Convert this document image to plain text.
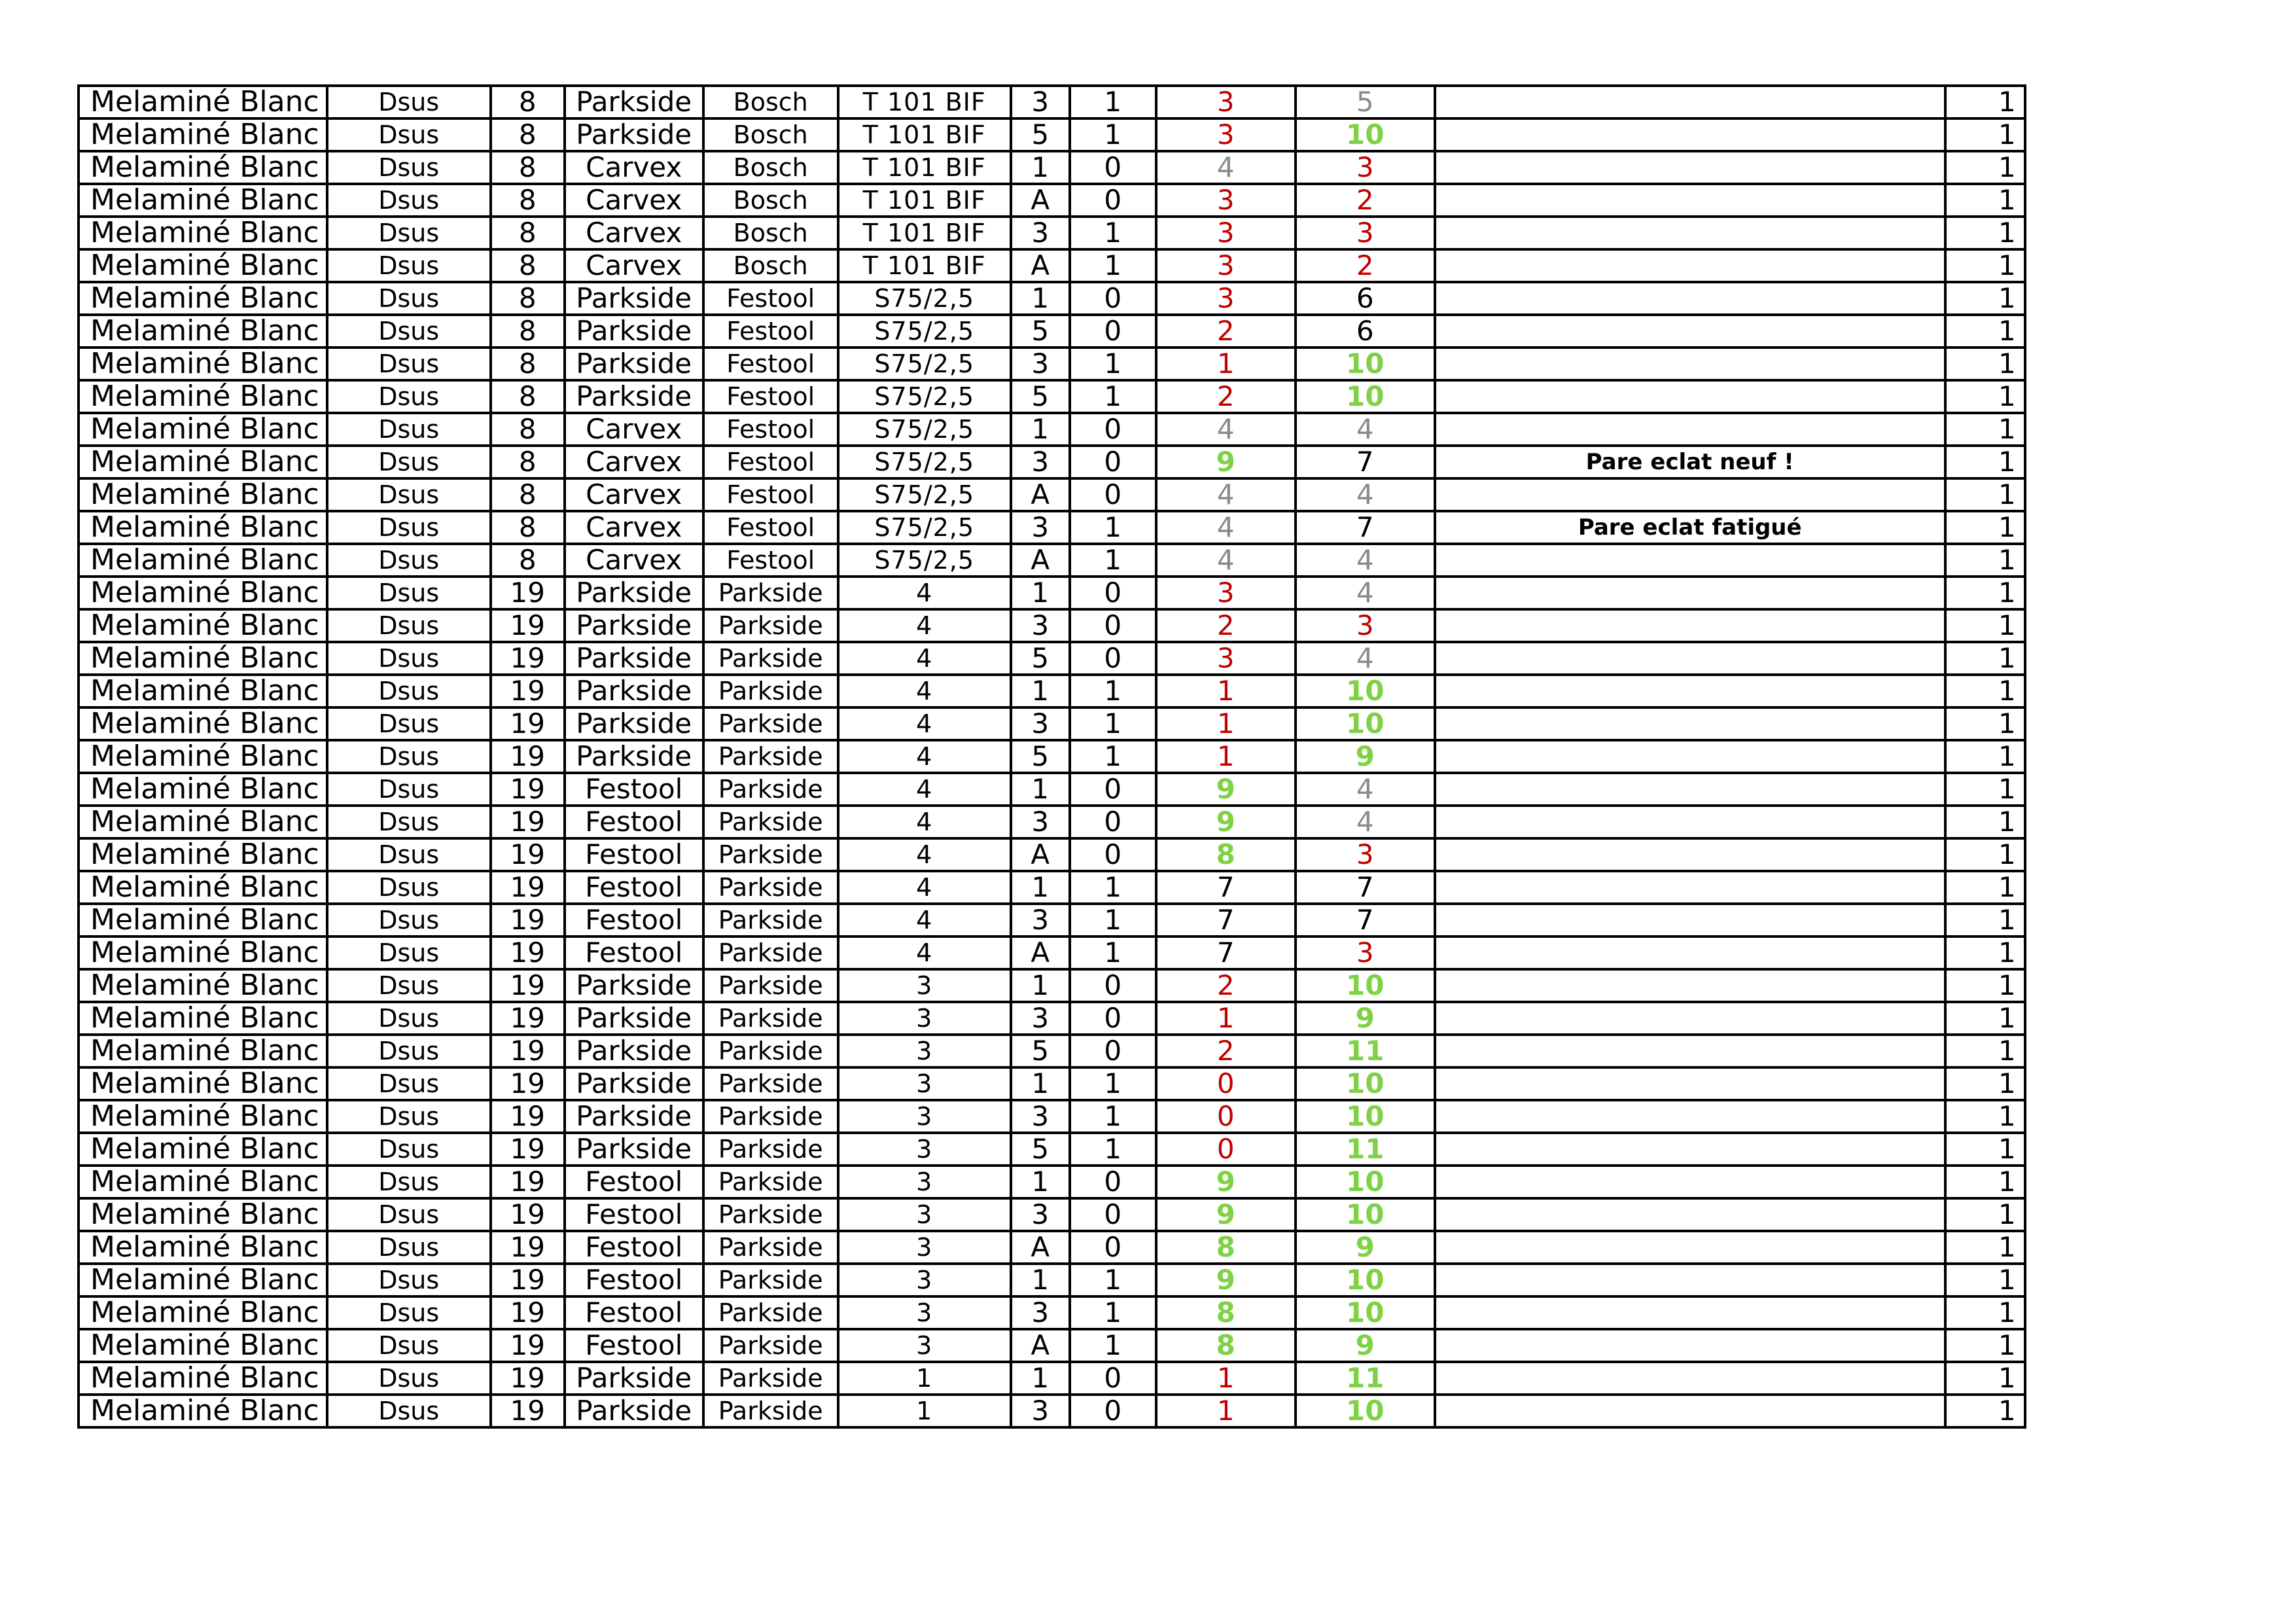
Melaminé Blanc	Dsus	8	Parkside	Bosch	T 101 BIF	3	1	3	5		1
Melaminé Blanc	Dsus	8	Parkside	Bosch	T 101 BIF	5	1	3	10		1
Melaminé Blanc	Dsus	8	Carvex	Bosch	T 101 BIF	1	0	4	3		1
Melaminé Blanc	Dsus	8	Carvex	Bosch	T 101 BIF	A	0	3	2		1
Melaminé Blanc	Dsus	8	Carvex	Bosch	T 101 BIF	3	1	3	3		1
Melaminé Blanc	Dsus	8	Carvex	Bosch	T 101 BIF	A	1	3	2		1
Melaminé Blanc	Dsus	8	Parkside	Festool	S75/2,5	1	0	3	6		1
Melaminé Blanc	Dsus	8	Parkside	Festool	S75/2,5	5	0	2	6		1
Melaminé Blanc	Dsus	8	Parkside	Festool	S75/2,5	3	1	1	10		1
Melaminé Blanc	Dsus	8	Parkside	Festool	S75/2,5	5	1	2	10		1
Melaminé Blanc	Dsus	8	Carvex	Festool	S75/2,5	1	0	4	4		1
Melaminé Blanc	Dsus	8	Carvex	Festool	S75/2,5	3	0	9	7	Pare eclat neuf !	1
Melaminé Blanc	Dsus	8	Carvex	Festool	S75/2,5	A	0	4	4		1
Melaminé Blanc	Dsus	8	Carvex	Festool	S75/2,5	3	1	4	7	Pare eclat fatigué	1
Melaminé Blanc	Dsus	8	Carvex	Festool	S75/2,5	A	1	4	4		1
Melaminé Blanc	Dsus	19	Parkside	Parkside	4	1	0	3	4		1
Melaminé Blanc	Dsus	19	Parkside	Parkside	4	3	0	2	3		1
Melaminé Blanc	Dsus	19	Parkside	Parkside	4	5	0	3	4		1
Melaminé Blanc	Dsus	19	Parkside	Parkside	4	1	1	1	10		1
Melaminé Blanc	Dsus	19	Parkside	Parkside	4	3	1	1	10		1
Melaminé Blanc	Dsus	19	Parkside	Parkside	4	5	1	1	9		1
Melaminé Blanc	Dsus	19	Festool	Parkside	4	1	0	9	4		1
Melaminé Blanc	Dsus	19	Festool	Parkside	4	3	0	9	4		1
Melaminé Blanc	Dsus	19	Festool	Parkside	4	A	0	8	3		1
Melaminé Blanc	Dsus	19	Festool	Parkside	4	1	1	7	7		1
Melaminé Blanc	Dsus	19	Festool	Parkside	4	3	1	7	7		1
Melaminé Blanc	Dsus	19	Festool	Parkside	4	A	1	7	3		1
Melaminé Blanc	Dsus	19	Parkside	Parkside	3	1	0	2	10		1
Melaminé Blanc	Dsus	19	Parkside	Parkside	3	3	0	1	9		1
Melaminé Blanc	Dsus	19	Parkside	Parkside	3	5	0	2	11		1
Melaminé Blanc	Dsus	19	Parkside	Parkside	3	1	1	0	10		1
Melaminé Blanc	Dsus	19	Parkside	Parkside	3	3	1	0	10		1
Melaminé Blanc	Dsus	19	Parkside	Parkside	3	5	1	0	11		1
Melaminé Blanc	Dsus	19	Festool	Parkside	3	1	0	9	10		1
Melaminé Blanc	Dsus	19	Festool	Parkside	3	3	0	9	10		1
Melaminé Blanc	Dsus	19	Festool	Parkside	3	A	0	8	9		1
Melaminé Blanc	Dsus	19	Festool	Parkside	3	1	1	9	10		1
Melaminé Blanc	Dsus	19	Festool	Parkside	3	3	1	8	10		1
Melaminé Blanc	Dsus	19	Festool	Parkside	3	A	1	8	9		1
Melaminé Blanc	Dsus	19	Parkside	Parkside	1	1	0	1	11		1
Melaminé Blanc	Dsus	19	Parkside	Parkside	1	3	0	1	10		1
